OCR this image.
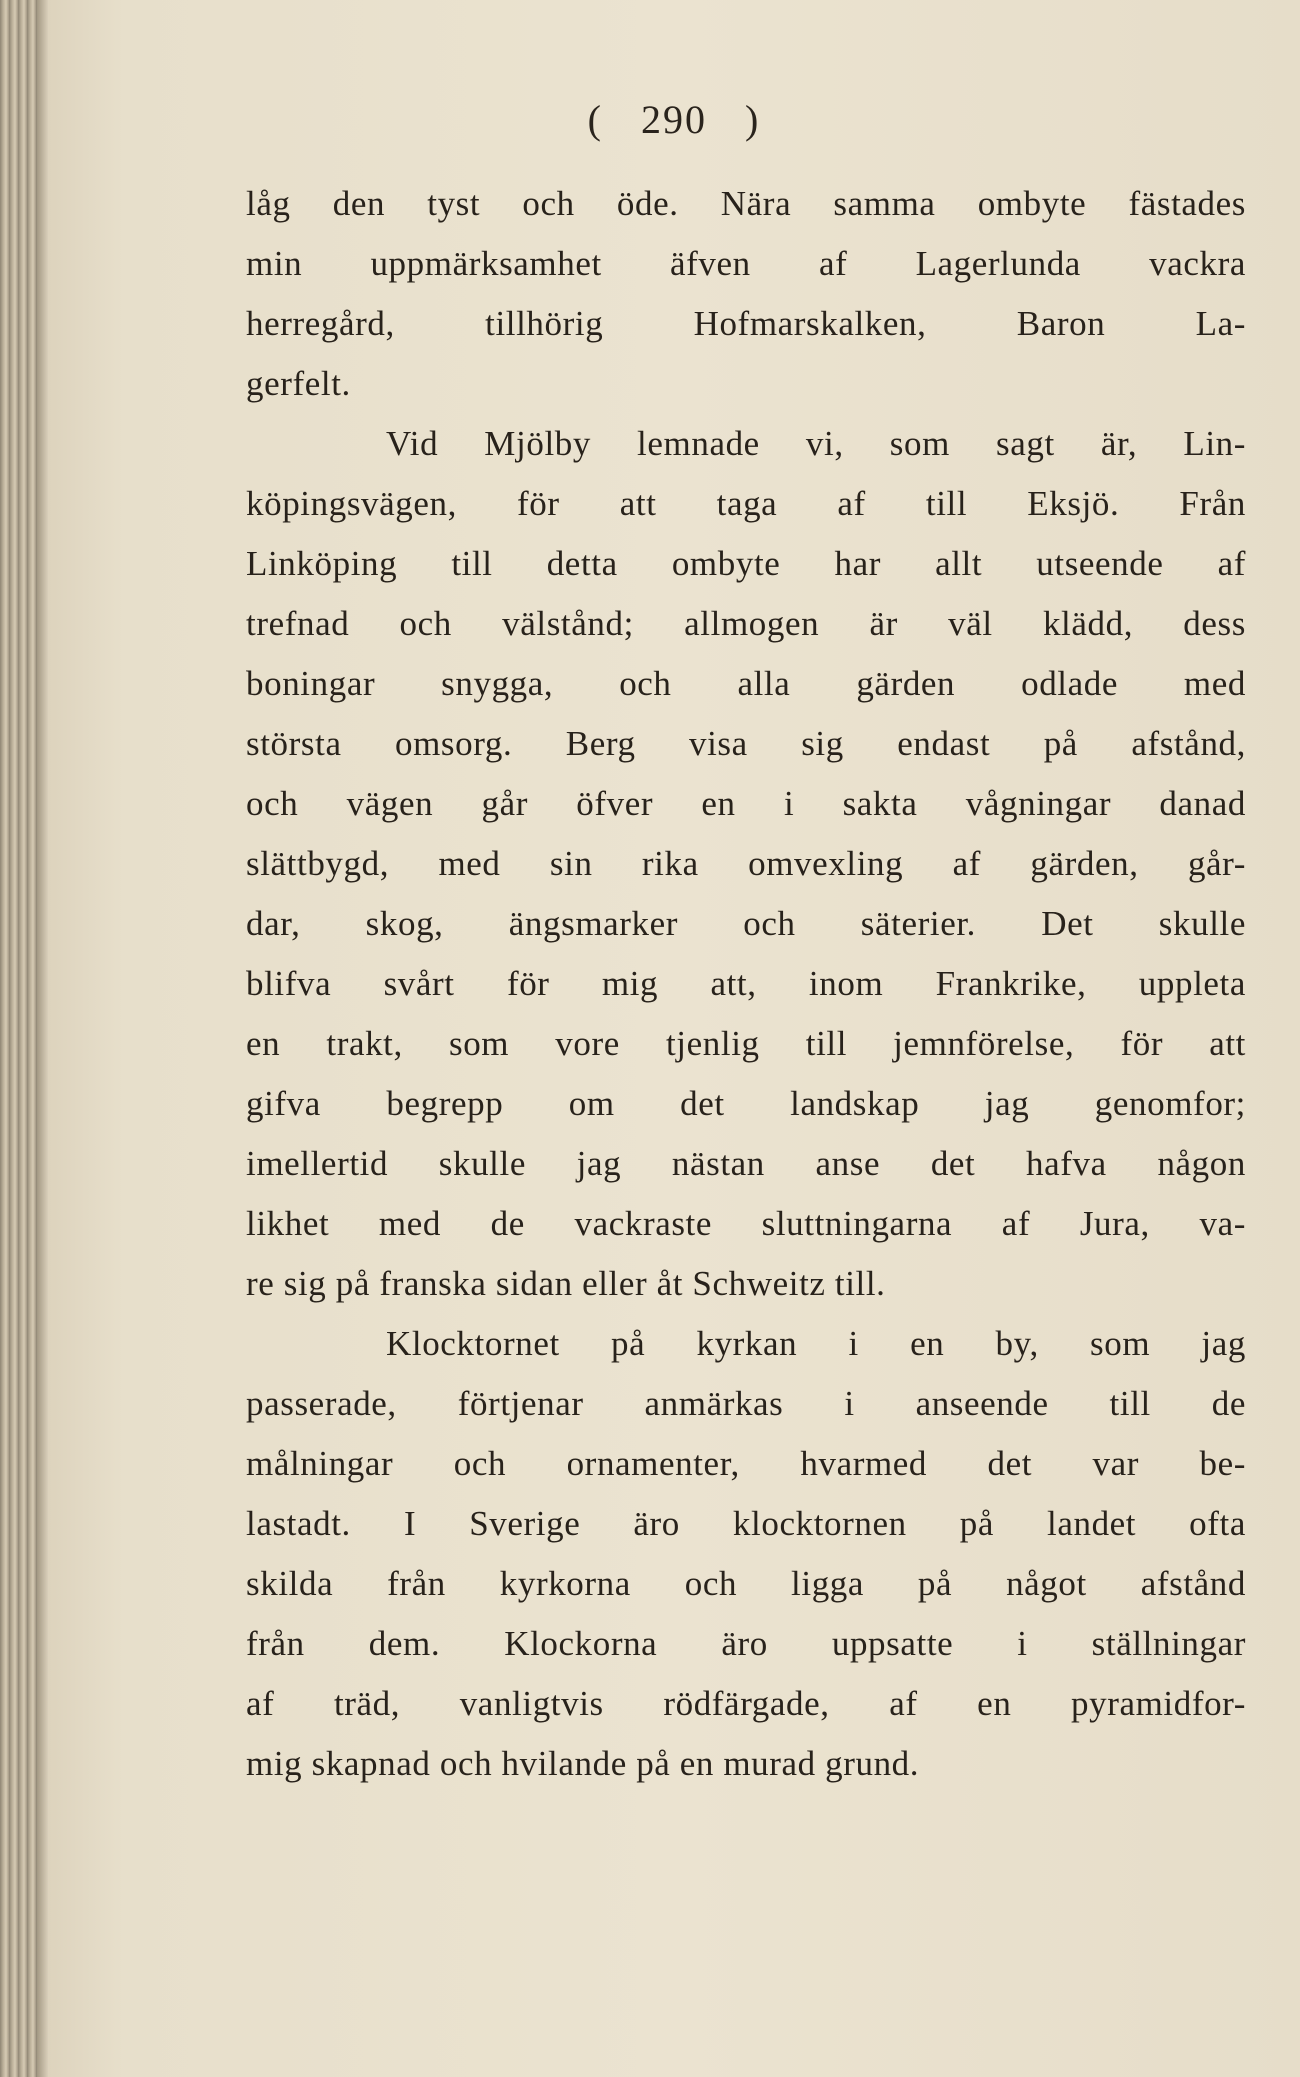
( 290 )
låg den tyst och öde. Nära samma ombyte fästades
min uppmärksamhet äfven af Lagerlunda vackra
herregård, tillhörig Hofmarskalken, Baron La-
gerfelt.
Vid Mjölby lemnade vi, som sagt är, Lin-
köpingsvägen, för att taga af till Eksjö. Från
Linköping till detta ombyte har allt utseende af
trefnad och välstånd; allmogen är väl klädd, dess
boningar snygga, och alla gärden odlade med
största omsorg. Berg visa sig endast på afstånd,
och vägen går öfver en i sakta vågningar danad
slättbygd, med sin rika omvexling af gärden, går-
dar, skog, ängsmarker och säterier. Det skulle
blifva svårt för mig att, inom Frankrike, uppleta
en trakt, som vore tjenlig till jemnförelse, för att
gifva begrepp om det landskap jag genomfor;
imellertid skulle jag nästan anse det hafva någon
likhet med de vackraste sluttningarna af Jura, va-
re sig på franska sidan eller åt Schweitz till.
Klocktornet på kyrkan i en by, som jag
passerade, förtjenar anmärkas i anseende till de
målningar och ornamenter, hvarmed det var be-
lastadt. I Sverige äro klocktornen på landet ofta
skilda från kyrkorna och ligga på något afstånd
från dem. Klockorna äro uppsatte i ställningar
af träd, vanligtvis rödfärgade, af en pyramidfor-
mig skapnad och hvilande på en murad grund.
